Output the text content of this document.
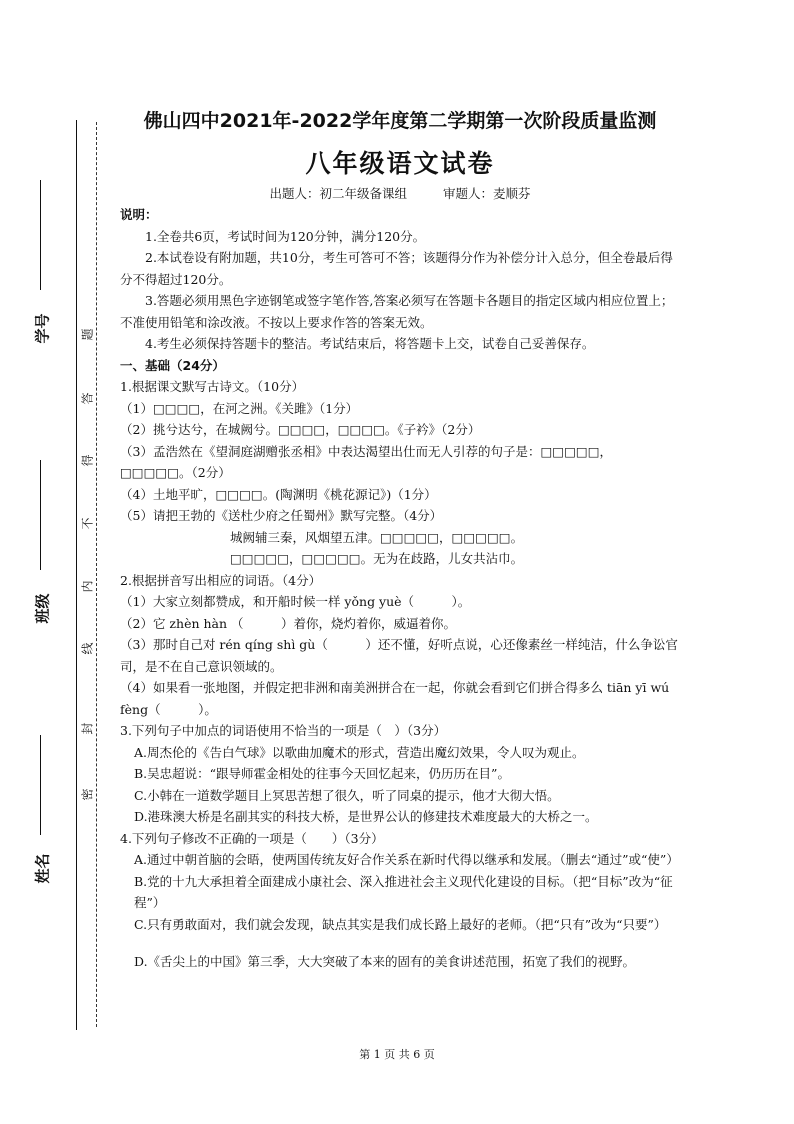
学号
班级
姓名
题
答
得
不
内
线
封
密
佛山四中2021年-2022学年度第二学期第一次阶段质量监测
八年级语文试卷
出题人：初二年级备课组	审题人：麦顺芬

说明：

1.全卷共6页，考试时间为120分钟，满分120分。

2.本试卷设有附加题，共10分，考生可答可不答；该题得分作为补偿分计入总分，但全卷最后得分不得超过120分。

3.答题必须用黑色字迹钢笔或签字笔作答,答案必须写在答题卡各题目的指定区域内相应位置上；不准使用铅笔和涂改液。不按以上要求作答的答案无效。

4.考生必须保持答题卡的整洁。考试结束后，将答题卡上交，试卷自己妥善保存。

一、基础（24分）

1.根据课文默写古诗文。（10分）

（1）□□□□，在河之洲。《关雎》（1分）

（2）挑兮达兮，在城阙兮。□□□□，□□□□。《子衿》（2分）

（3）孟浩然在《望洞庭湖赠张丞相》中表达渴望出仕而无人引荐的句子是：□□□□□，□□□□□。（2分）

（4）土地平旷，□□□□。(陶渊明《桃花源记》)（1分）

（5）请把王勃的《送杜少府之任蜀州》默写完整。（4分）

城阙辅三秦，风烟望五津。□□□□□，□□□□□。

□□□□□，□□□□□。无为在歧路，儿女共沾巾。

2.根据拼音写出相应的词语。（4分）

（1）大家立刻都赞成，和开船时候一样 yǒng yuè（　　　）。

（2）它 zhèn hàn （　　　）着你，烧灼着你，威逼着你。

（3）那时自己对 rén qíng shì gù（　　　）还不懂，好听点说，心还像素丝一样纯洁，什么争讼官司，是不在自己意识领域的。

（4）如果看一张地图，并假定把非洲和南美洲拼合在一起，你就会看到它们拼合得多么 tiān yī wú fèng（　　　）。

3.下列句子中加点的词语使用不恰当的一项是（　）（3分）

A.周杰伦的《告白气球》以歌曲加魔术的形式，营造出魔幻效果，令人叹为观止。

B.吴忠超说：“跟导师霍金相处的往事今天回忆起来，仍历历在目”。

C.小韩在一道数学题目上冥思苦想了很久，听了同桌的提示，他才大彻大悟。

D.港珠澳大桥是名副其实的科技大桥，是世界公认的修建技术难度最大的大桥之一。

4.下列句子修改不正确的一项是（　　）（3分）

A.通过中朝首脑的会晤，使两国传统友好合作关系在新时代得以继承和发展。（删去“通过”或“使”）

B.党的十九大承担着全面建成小康社会、深入推进社会主义现代化建设的目标。（把“目标”改为“征程”）

C.只有勇敢面对，我们就会发现，缺点其实是我们成长路上最好的老师。（把“只有”改为“只要”）

D.《舌尖上的中国》第三季，大大突破了本来的固有的美食讲述范围，拓宽了我们的视野。

第 1 页 共 6 页
